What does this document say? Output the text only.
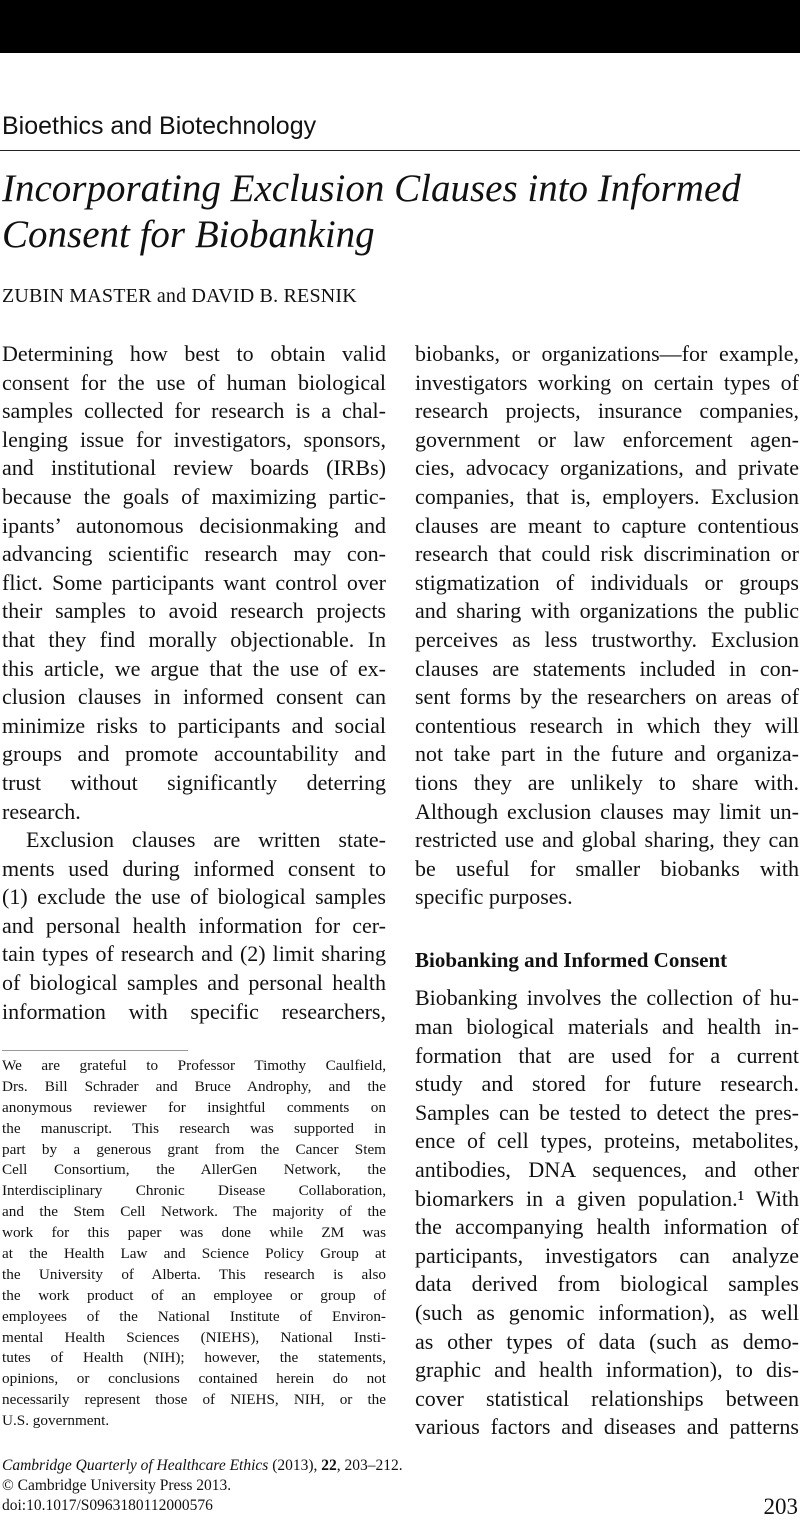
Bioethics and Biotechnology
Incorporating Exclusion Clauses into Informed
Consent for Biobanking
ZUBIN MASTER and DAVID B. RESNIK
Determining how best to obtain valid
consent for the use of human biological
samples collected for research is a chal-
lenging issue for investigators, sponsors,
and institutional review boards (IRBs)
because the goals of maximizing partic-
ipants’ autonomous decisionmaking and
advancing scientific research may con-
flict. Some participants want control over
their samples to avoid research projects
that they find morally objectionable. In
this article, we argue that the use of ex-
clusion clauses in informed consent can
minimize risks to participants and social
groups and promote accountability and
trust without significantly deterring
research.
Exclusion clauses are written state-
ments used during informed consent to
(1) exclude the use of biological samples
and personal health information for cer-
tain types of research and (2) limit sharing
of biological samples and personal health
information with specific researchers,
biobanks, or organizations—for example,
investigators working on certain types of
research projects, insurance companies,
government or law enforcement agen-
cies, advocacy organizations, and private
companies, that is, employers. Exclusion
clauses are meant to capture contentious
research that could risk discrimination or
stigmatization of individuals or groups
and sharing with organizations the public
perceives as less trustworthy. Exclusion
clauses are statements included in con-
sent forms by the researchers on areas of
contentious research in which they will
not take part in the future and organiza-
tions they are unlikely to share with.
Although exclusion clauses may limit un-
restricted use and global sharing, they can
be useful for smaller biobanks with
specific purposes.
Biobanking and Informed Consent
Biobanking involves the collection of hu-
man biological materials and health in-
formation that are used for a current
study and stored for future research.
Samples can be tested to detect the pres-
ence of cell types, proteins, metabolites,
antibodies, DNA sequences, and other
biomarkers in a given population.¹ With
the accompanying health information of
participants, investigators can analyze
data derived from biological samples
(such as genomic information), as well
as other types of data (such as demo-
graphic and health information), to dis-
cover statistical relationships between
various factors and diseases and patterns
We are grateful to Professor Timothy Caulfield,
Drs. Bill Schrader and Bruce Androphy, and the
anonymous reviewer for insightful comments on
the manuscript. This research was supported in
part by a generous grant from the Cancer Stem
Cell Consortium, the AllerGen Network, the
Interdisciplinary Chronic Disease Collaboration,
and the Stem Cell Network. The majority of the
work for this paper was done while ZM was
at the Health Law and Science Policy Group at
the University of Alberta. This research is also
the work product of an employee or group of
employees of the National Institute of Environ-
mental Health Sciences (NIEHS), National Insti-
tutes of Health (NIH); however, the statements,
opinions, or conclusions contained herein do not
necessarily represent those of NIEHS, NIH, or the
U.S. government.
Cambridge Quarterly of Healthcare Ethics (2013), 22, 203–212.
© Cambridge University Press 2013.
doi:10.1017/S0963180112000576	203
